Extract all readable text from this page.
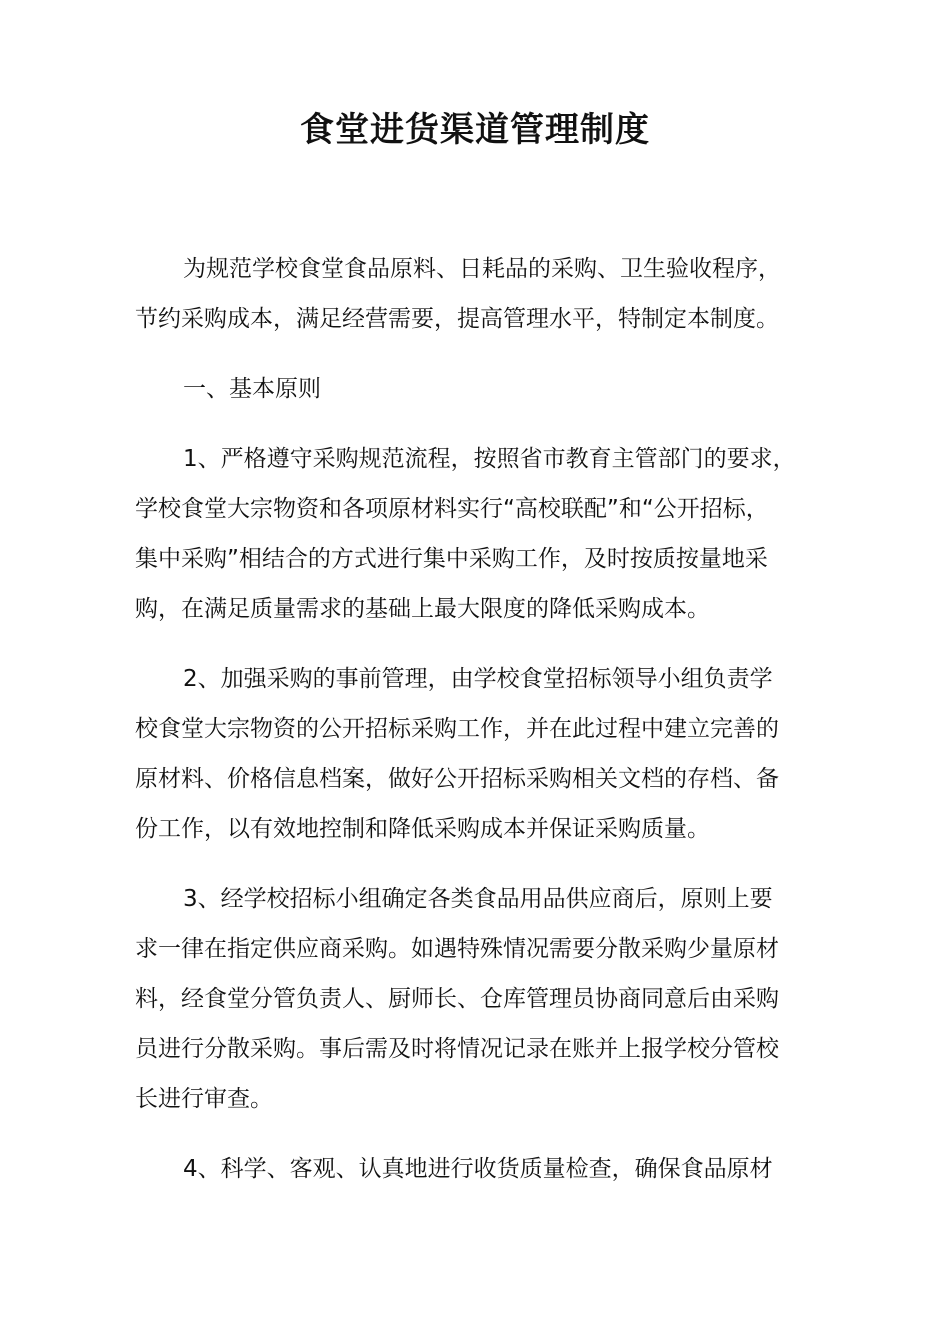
食堂进货渠道管理制度
为规范学校食堂食品原料、日耗品的采购、卫生验收程序，
节约采购成本，满足经营需要，提高管理水平，特制定本制度。
一、基本原则
1、严格遵守采购规范流程，按照省市教育主管部门的要求，
学校食堂大宗物资和各项原材料实行“高校联配”和“公开招标，
集中采购”相结合的方式进行集中采购工作，及时按质按量地采
购，在满足质量需求的基础上最大限度的降低采购成本。
2、加强采购的事前管理，由学校食堂招标领导小组负责学
校食堂大宗物资的公开招标采购工作，并在此过程中建立完善的
原材料、价格信息档案，做好公开招标采购相关文档的存档、备
份工作，以有效地控制和降低采购成本并保证采购质量。
3、经学校招标小组确定各类食品用品供应商后，原则上要
求一律在指定供应商采购。如遇特殊情况需要分散采购少量原材
料，经食堂分管负责人、厨师长、仓库管理员协商同意后由采购
员进行分散采购。事后需及时将情况记录在账并上报学校分管校
长进行审查。
4、科学、客观、认真地进行收货质量检查，确保食品原材
